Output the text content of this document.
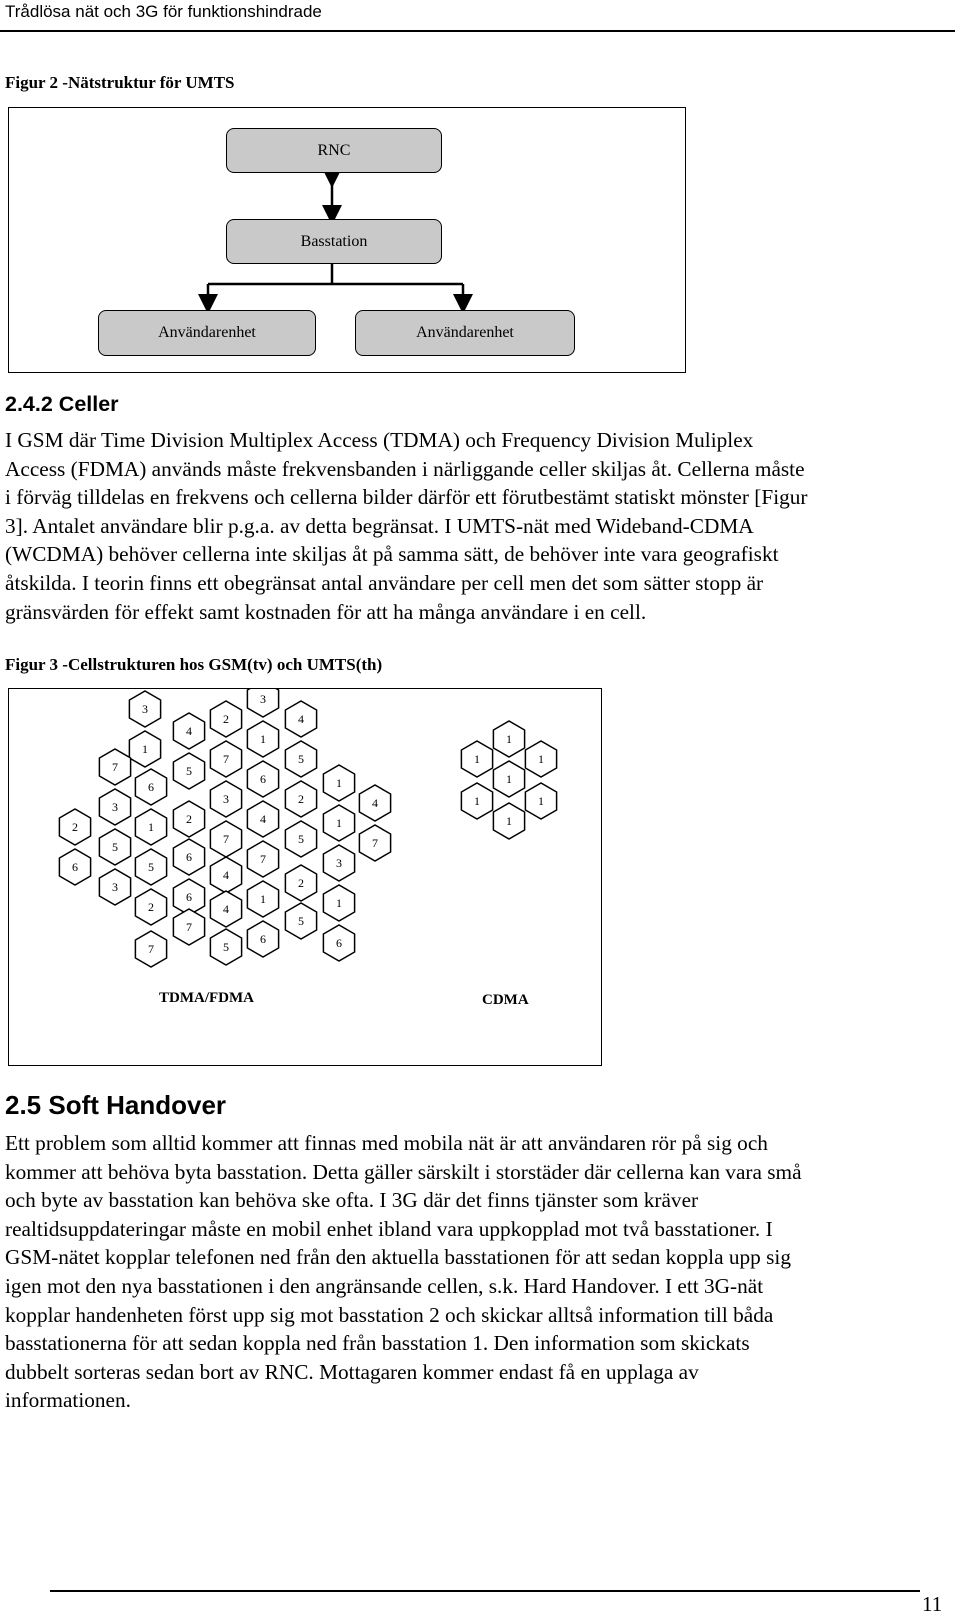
Trådlösa nät och 3G för funktionshindrade
Figur 2 -Nätstruktur för UMTS
RNC
Basstation
Användarenhet	Användarenhet
2.4.2 Celler
I GSM där Time Division Multiplex Access (TDMA) och Frequency Division Muliplex
Access (FDMA) används måste frekvensbanden i närliggande celler skiljas åt. Cellerna måste
i förväg tilldelas en frekvens och cellerna bilder därför ett förutbestämt statiskt mönster [Figur
3]. Antalet användare blir p.g.a. av detta begränsat. I UMTS-nät med Wideband-CDMA
(WCDMA) behöver cellerna inte skiljas åt på samma sätt, de behöver inte vara geografiskt
åtskilda. I teorin finns ett obegränsat antal användare per cell men det som sätter stopp är
gränsvärden för effekt samt kostnaden för att ha många användare i en cell.
Figur 3 -Cellstrukturen hos GSM(tv) och UMTS(th)
3
4
2
3
4
1
1
7	5
7	5
6
6
3
3
2	4
2
1
4
2	1
7	5
1
7
5
6	7
6	5	3
3
6
2
4
2	4
1	1
7	5
7	5
6	6
1
1	1
1
1	1
1
TDMA/FDMA	CDMA
2.5 Soft Handover
Ett problem som alltid kommer att finnas med mobila nät är att användaren rör på sig och
kommer att behöva byta basstation. Detta gäller särskilt i storstäder där cellerna kan vara små
och byte av basstation kan behöva ske ofta. I 3G där det finns tjänster som kräver
realtidsuppdateringar måste en mobil enhet ibland vara uppkopplad mot två basstationer. I
GSM-nätet kopplar telefonen ned från den aktuella basstationen för att sedan koppla upp sig
igen mot den nya basstationen i den angränsande cellen, s.k. Hard Handover. I ett 3G-nät
kopplar handenheten först upp sig mot basstation 2 och skickar alltså information till båda
basstationerna för att sedan koppla ned från basstation 1. Den information som skickats
dubbelt sorteras sedan bort av RNC. Mottagaren kommer endast få en upplaga av
informationen.
11
